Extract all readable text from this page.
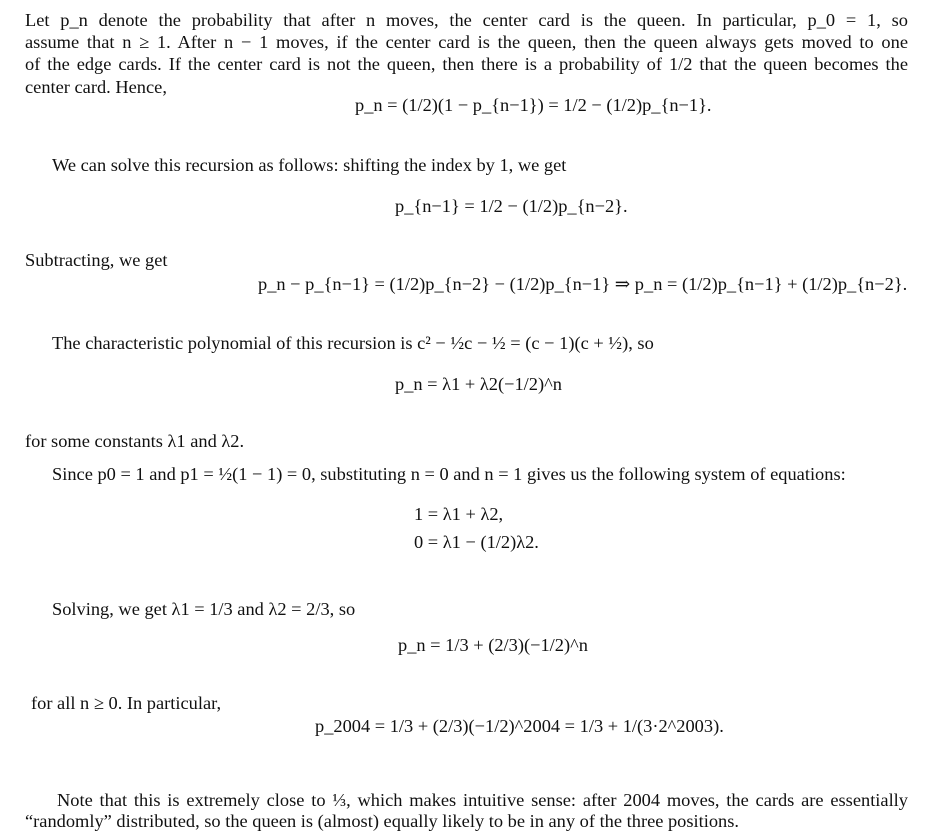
Let p_n denote the probability that after n moves, the center card is the queen. In particular, p_0 = 1, so
assume that n ≥ 1. After n − 1 moves, if the center card is the queen, then the queen always gets moved to one
of the edge cards. If the center card is not the queen, then there is a probability of 1/2 that the queen becomes the
center card. Hence,
p_n = (1/2)(1 − p_{n−1}) = 1/2 − (1/2)p_{n−1}.
We can solve this recursion as follows: shifting the index by 1, we get
p_{n−1} = 1/2 − (1/2)p_{n−2}.
Subtracting, we get
p_n − p_{n−1} = (1/2)p_{n−2} − (1/2)p_{n−1} ⇒ p_n = (1/2)p_{n−1} + (1/2)p_{n−2}.
The characteristic polynomial of this recursion is c² − ½c − ½ = (c − 1)(c + ½), so
p_n = λ1 + λ2(−1/2)^n
for some constants λ1 and λ2.
Since p0 = 1 and p1 = ½(1 − 1) = 0, substituting n = 0 and n = 1 gives us the following system of equations:
1 = λ1 + λ2,
0 = λ1 − (1/2)λ2.
Solving, we get λ1 = 1/3 and λ2 = 2/3, so
p_n = 1/3 + (2/3)(−1/2)^n
for all n ≥ 0. In particular,
p_2004 = 1/3 + (2/3)(−1/2)^2004 = 1/3 + 1/(3·2^2003).
Note that this is extremely close to ⅓, which makes intuitive sense: after 2004 moves, the cards are essentially
“randomly” distributed, so the queen is (almost) equally likely to be in any of the three positions.
